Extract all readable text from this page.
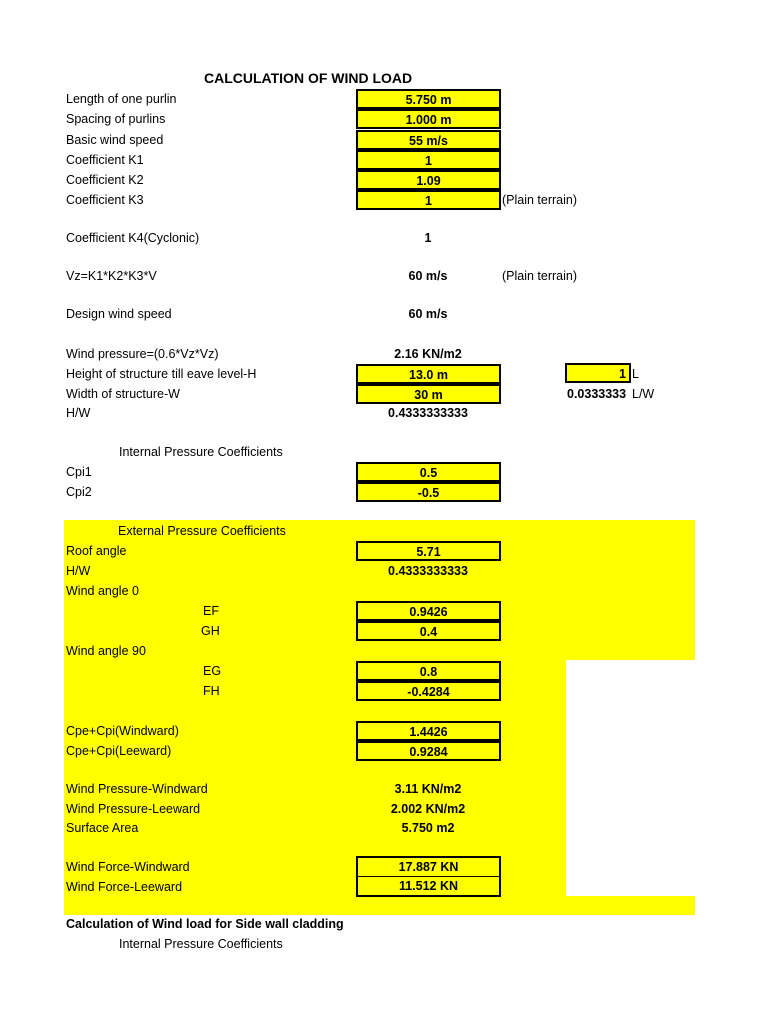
CALCULATION OF WIND LOAD
Length of one purlin	5.750 m
Spacing of purlins	1.000 m
Basic wind speed	55 m/s
Coefficient K1	1
Coefficient K2	1.09
Coefficient K3	1	(Plain terrain)
Coefficient K4(Cyclonic)	1
Vz=K1*K2*K3*V	60 m/s	(Plain terrain)
Design wind speed	60 m/s
Wind pressure=(0.6*Vz*Vz)	2.16 KN/m2
Height of structure till eave level-H	13.0 m	1 L
Width of structure-W	30 m	0.0333333 L/W
H/W	0.4333333333
Internal Pressure Coefficients
Cpi1	0.5
Cpi2	-0.5
External Pressure Coefficients
Roof angle	5.71
H/W	0.4333333333
Wind angle 0
EF	0.9426
GH	0.4
Wind angle 90
EG	0.8
FH	-0.4284
Cpe+Cpi(Windward)	1.4426
Cpe+Cpi(Leeward)	0.9284
Wind Pressure-Windward	3.11 KN/m2
Wind Pressure-Leeward	2.002 KN/m2
Surface Area	5.750 m2
Wind Force-Windward	17.887 KN
Wind Force-Leeward	11.512 KN
Calculation of Wind load for Side wall cladding
Internal Pressure Coefficients
